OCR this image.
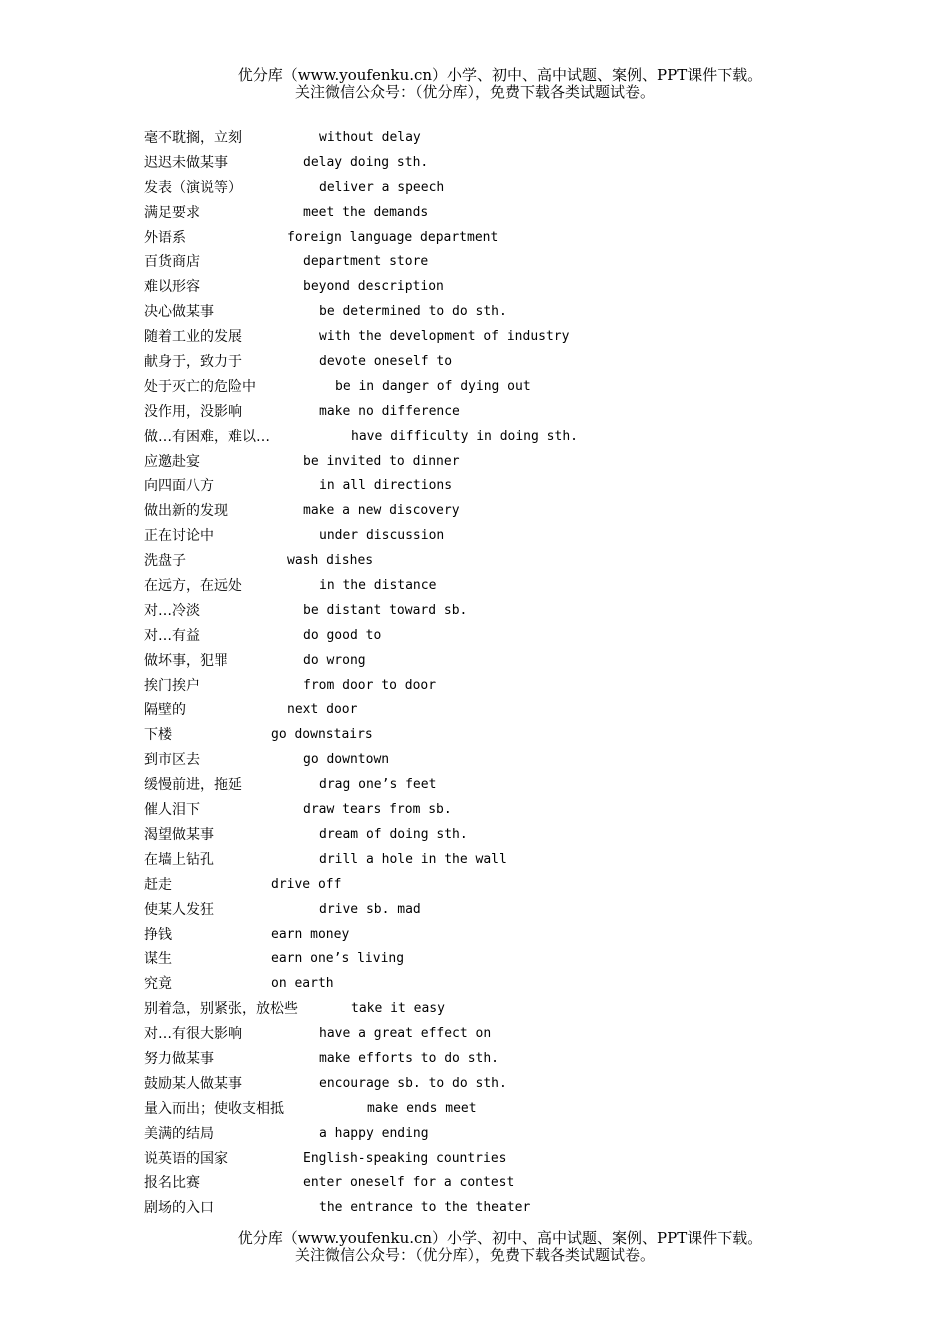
优分库（www.youfenku.cn）小学、初中、高中试题、案例、PPT课件下载。
关注微信公众号：（优分库），免费下载各类试题试卷。
毫不耽搁，立刻	without delay
迟迟未做某事	delay doing sth.
发表（演说等）	deliver a speech
满足要求	meet the demands
外语系	foreign language department
百货商店	department store
难以形容	beyond description
决心做某事	be determined to do sth.
随着工业的发展	with the development of industry
献身于，致力于	devote oneself to
处于灭亡的危险中	be in danger of dying out
没作用，没影响	make no difference
做…有困难，难以…	have difficulty in doing sth.
应邀赴宴	be invited to dinner
向四面八方	in all directions
做出新的发现	make a new discovery
正在讨论中	under discussion
洗盘子	wash dishes
在远方，在远处	in the distance
对…冷淡	be distant toward sb.
对…有益	do good to
做坏事，犯罪	do wrong
挨门挨户	from door to door
隔壁的	next door
下楼	go downstairs
到市区去	go downtown
缓慢前进，拖延	drag one’s feet
催人泪下	draw tears from sb.
渴望做某事	dream of doing sth.
在墙上钻孔	drill a hole in the wall
赶走	drive off
使某人发狂	drive sb. mad
挣钱	earn money
谋生	earn one’s living
究竟	on earth
别着急，别紧张，放松些	take it easy
对…有很大影响	have a great effect on
努力做某事	make efforts to do sth.
鼓励某人做某事	encourage sb. to do sth.
量入而出；使收支相抵	make ends meet
美满的结局	a happy ending
说英语的国家	English-speaking countries
报名比赛	enter oneself for a contest
剧场的入口	the entrance to the theater
优分库（www.youfenku.cn）小学、初中、高中试题、案例、PPT课件下载。
关注微信公众号：（优分库），免费下载各类试题试卷。
